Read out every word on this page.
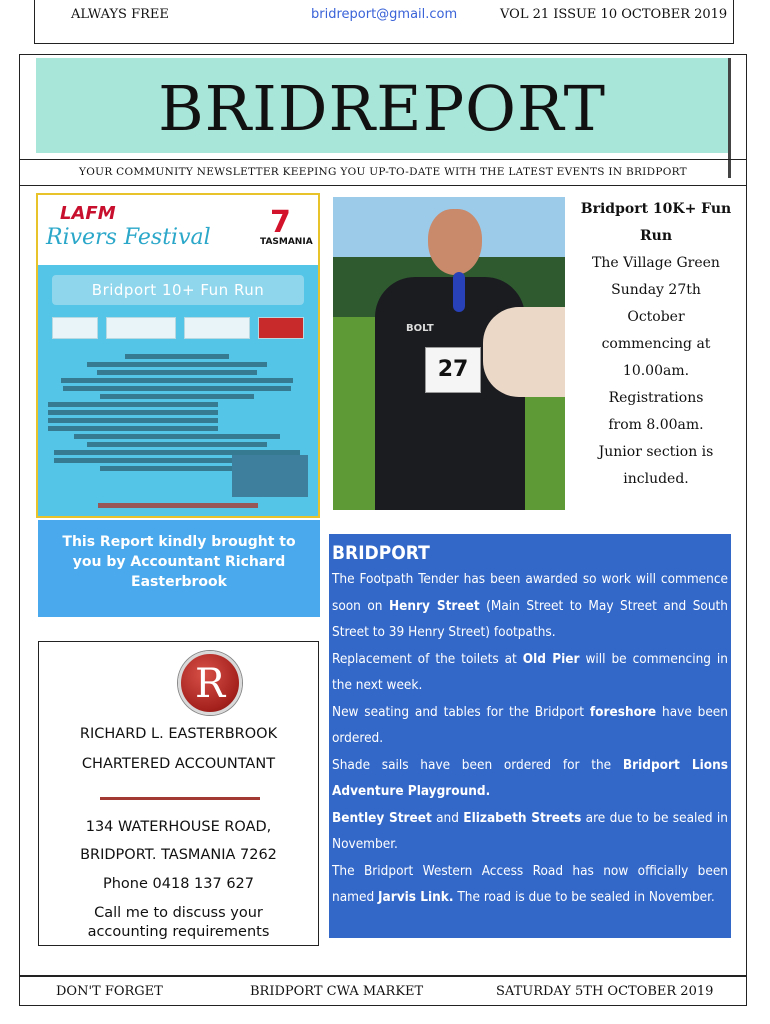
ALWAYS FREE	bridreport@gmail.com	VOL 21 ISSUE 10 OCTOBER 2019
BRIDREPORT
YOUR COMMUNITY NEWSLETTER KEEPING YOU UP-TO-DATE WITH THE LATEST EVENTS IN BRIDPORT
LAFM
Rivers Festival 7
TASMANIA
Bridport 10+ Fun Run
BOLT
27
Bridport 10K+ Fun Run
The Village Green
Sunday 27th
October
commencing at
10.00am.
Registrations
from 8.00am.
Junior section is
included.
This Report kindly brought to you by Accountant Richard Easterbrook
R
RICHARD L. EASTERBROOK
CHARTERED ACCOUNTANT
134 WATERHOUSE ROAD,
BRIDPORT. TASMANIA 7262
Phone 0418 137 627
Call me to discuss your accounting requirements
BRIDPORT

The Footpath Tender has been awarded so work will commence soon on Henry Street (Main Street to May Street and South Street to 39 Henry Street) footpaths.

Replacement of the toilets at Old Pier will be commencing in the next week.

New seating and tables for the Bridport foreshore have been ordered.

Shade sails have been ordered for the Bridport Lions Adventure Playground.

Bentley Street and Elizabeth Streets are due to be sealed in November.

The Bridport Western Access Road has now officially been named Jarvis Link. The road is due to be sealed in November.

DON'T FORGET	BRIDPORT CWA MARKET	SATURDAY 5TH OCTOBER 2019
